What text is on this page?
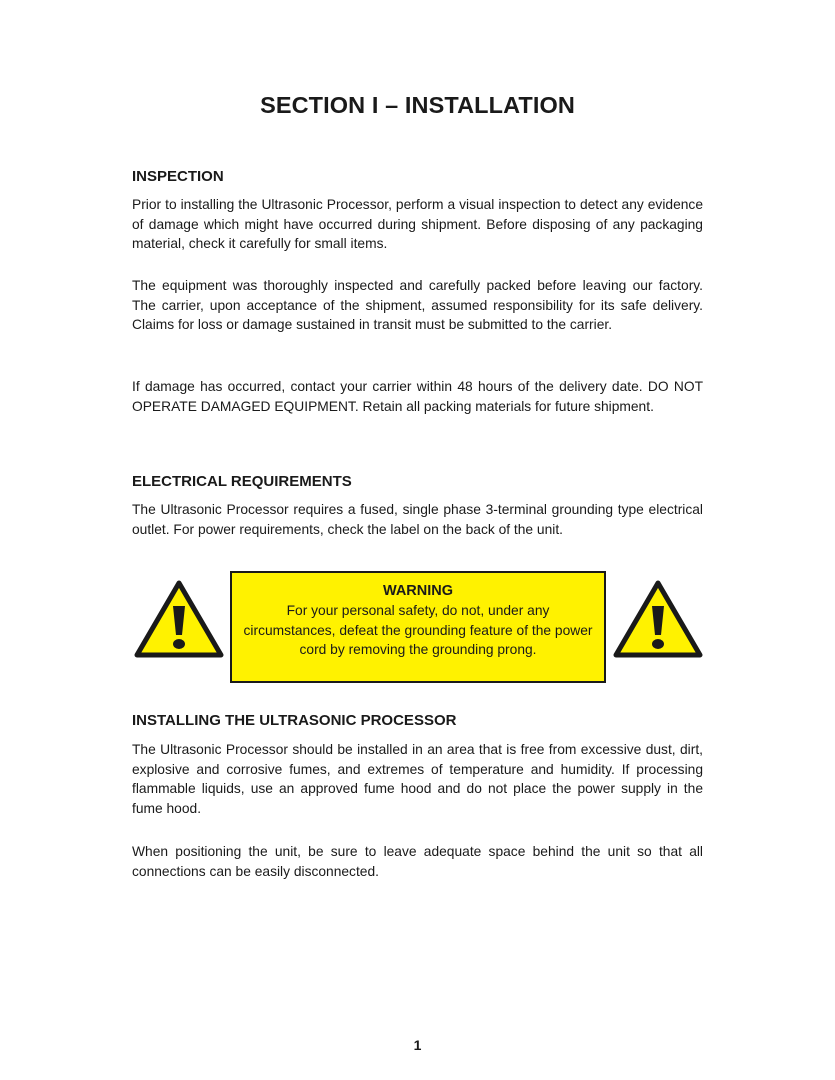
SECTION I – INSTALLATION
INSPECTION

Prior to installing the Ultrasonic Processor, perform a visual inspection to detect any evidence of damage which might have occurred during shipment. Before disposing of any packaging material, check it carefully for small items.

The equipment was thoroughly inspected and carefully packed before leaving our factory. The carrier, upon acceptance of the shipment, assumed responsibility for its safe delivery. Claims for loss or damage sustained in transit must be submitted to the carrier.

If damage has occurred, contact your carrier within 48 hours of the delivery date. DO NOT OPERATE DAMAGED EQUIPMENT. Retain all packing materials for future shipment.

ELECTRICAL REQUIREMENTS

The Ultrasonic Processor requires a fused, single phase 3-terminal grounding type electrical outlet. For power requirements, check the label on the back of the unit.

WARNING
For your personal safety, do not, under any circumstances, defeat the grounding feature of the power cord by removing the grounding prong.
INSTALLING THE ULTRASONIC PROCESSOR

The Ultrasonic Processor should be installed in an area that is free from excessive dust, dirt, explosive and corrosive fumes, and extremes of temperature and humidity. If processing flammable liquids, use an approved fume hood and do not place the power supply in the fume hood.

When positioning the unit, be sure to leave adequate space behind the unit so that all connections can be easily disconnected.

1
